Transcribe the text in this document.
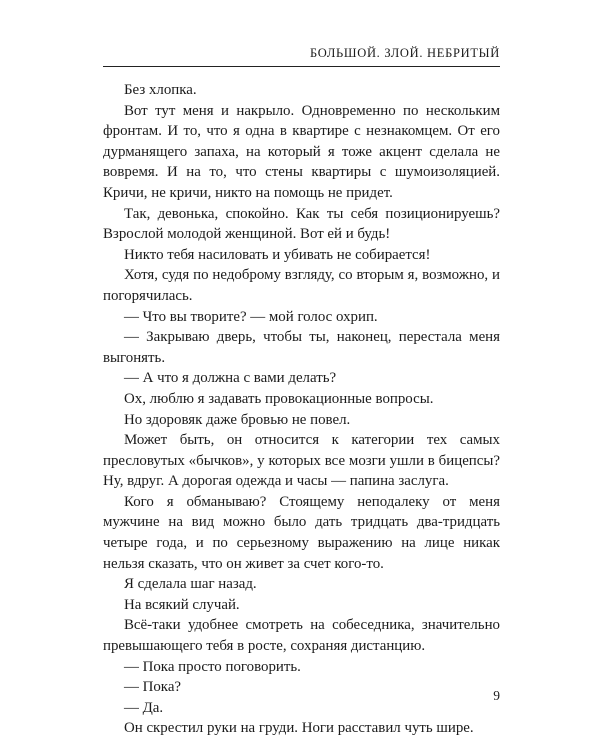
БОЛЬШОЙ. ЗЛОЙ. НЕБРИТЫЙ

Без хлопка.

Вот тут меня и накрыло. Одновременно по нескольким фронтам. И то, что я одна в квартире с незнакомцем. От его дурманящего запаха, на который я тоже акцент сделала не вовремя. И на то, что стены квартиры с шумоизоляцией. Кричи, не кричи, никто на помощь не придет.

Так, девонька, спокойно. Как ты себя позиционируешь? Взрослой молодой женщиной. Вот ей и будь!

Никто тебя насиловать и убивать не собирается!

Хотя, судя по недоброму взгляду, со вторым я, возможно, и погорячилась.

— Что вы творите? — мой голос охрип.

— Закрываю дверь, чтобы ты, наконец, перестала меня выгонять.

— А что я должна с вами делать?

Ох, люблю я задавать провокационные вопросы.

Но здоровяк даже бровью не повел.

Может быть, он относится к категории тех самых пресловутых «бычков», у которых все мозги ушли в бицепсы? Ну, вдруг. А дорогая одежда и часы — папина заслуга.

Кого я обманываю? Стоящему неподалеку от меня мужчине на вид можно было дать тридцать два-тридцать четыре года, и по серьезному выражению на лице никак нельзя сказать, что он живет за счет кого-то.

Я сделала шаг назад.

На всякий случай.

Всё-таки удобнее смотреть на собеседника, значительно превышающего тебя в росте, сохраняя дистанцию.

— Пока просто поговорить.

— Пока?

— Да.

Он скрестил руки на груди. Ноги расставил чуть шире.

9
